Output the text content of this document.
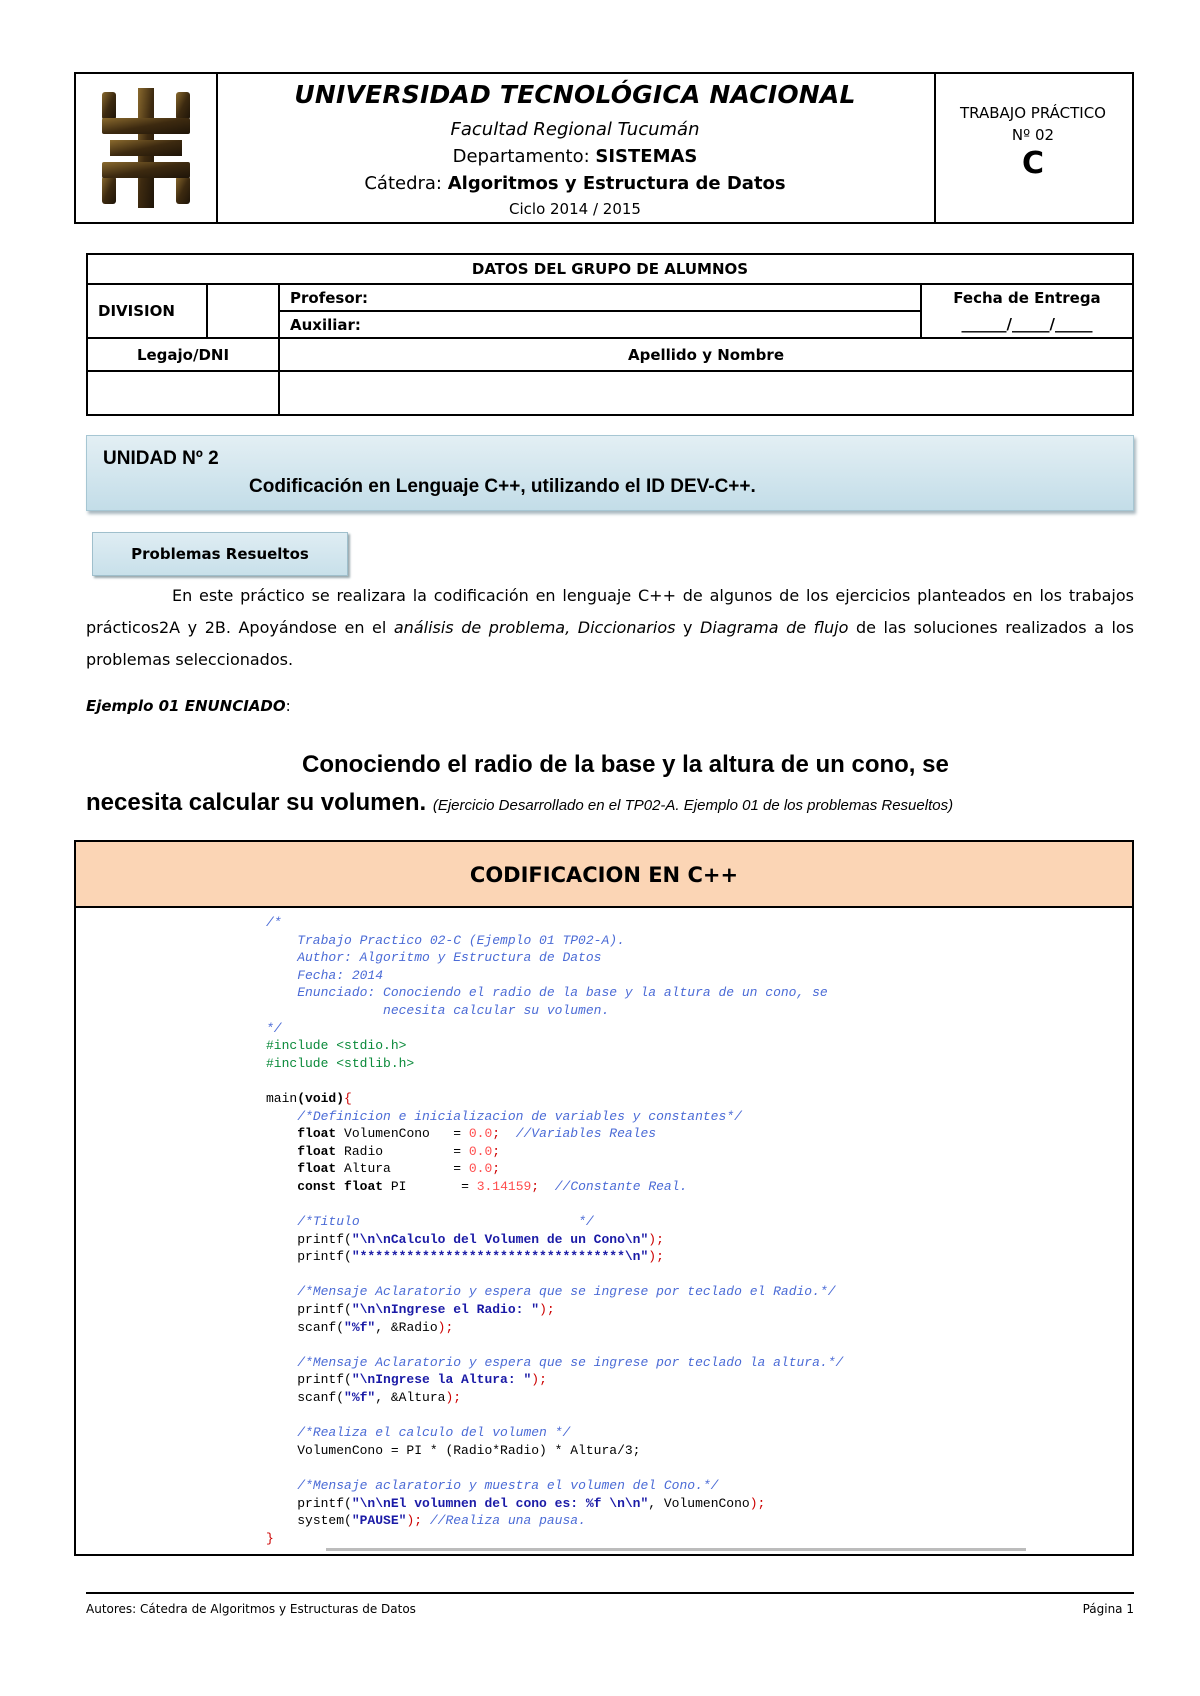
UNIVERSIDAD TECNOLÓGICA NACIONAL
Facultad Regional Tucumán
Departamento: SISTEMAS
Cátedra: Algoritmos y Estructura de Datos
Ciclo 2014 / 2015
TRABAJO PRÁCTICO
Nº 02
C
DATOS DEL GRUPO DE ALUMNOS			
DIVISION		Profesor:	Fecha de Entrega
______/_____/_____

		Auxiliar:	
Legajo/DNI		Apellido y Nombre	

UNIDAD Nº 2
Codificación en Lenguaje C++, utilizando el ID DEV-C++.
Problemas Resueltos
En este práctico se realizara la codificación en lenguaje C++ de algunos de los ejercicios planteados en los trabajos prácticos2A y 2B. Apoyándose en el análisis de problema, Diccionarios y Diagrama de flujo de las soluciones realizados a los problemas seleccionados.
Ejemplo 01 ENUNCIADO:
Conociendo el radio de la base y la altura de un cono, se
necesita calcular su volumen. (Ejercicio Desarrollado en el TP02-A. Ejemplo 01 de los problemas Resueltos)
CODIFICACION EN C++
/*
Trabajo Practico 02-C (Ejemplo 01 TP02-A).
Author: Algoritmo y Estructura de Datos
Fecha: 2014
Enunciado: Conociendo el radio de la base y la altura de un cono, se
necesita calcular su volumen.
*/
#include <stdio.h>
#include <stdlib.h>

main(void){
/*Definicion e inicializacion de variables y constantes*/
float VolumenCono   = 0.0; //Variables Reales
float Radio         = 0.0;
float Altura        = 0.0;
const float PI       = 3.14159; //Constante Real.

/*Titulo                            */
printf("\n\nCalculo del Volumen de un Cono\n");
printf("**********************************\n");

/*Mensaje Aclaratorio y espera que se ingrese por teclado el Radio.*/
printf("\n\nIngrese el Radio: ");
scanf("%f", &Radio);

/*Mensaje Aclaratorio y espera que se ingrese por teclado la altura.*/
printf("\nIngrese la Altura: ");
scanf("%f", &Altura);

/*Realiza el calculo del volumen */
VolumenCono = PI * (Radio*Radio) * Altura/3;

/*Mensaje aclaratorio y muestra el volumen del Cono.*/
printf("\n\nEl volumnen del cono es: %f \n\n", VolumenCono);
system("PAUSE"); //Realiza una pausa.
}
Autores: Cátedra de Algoritmos y Estructuras de Datos	Página 1
